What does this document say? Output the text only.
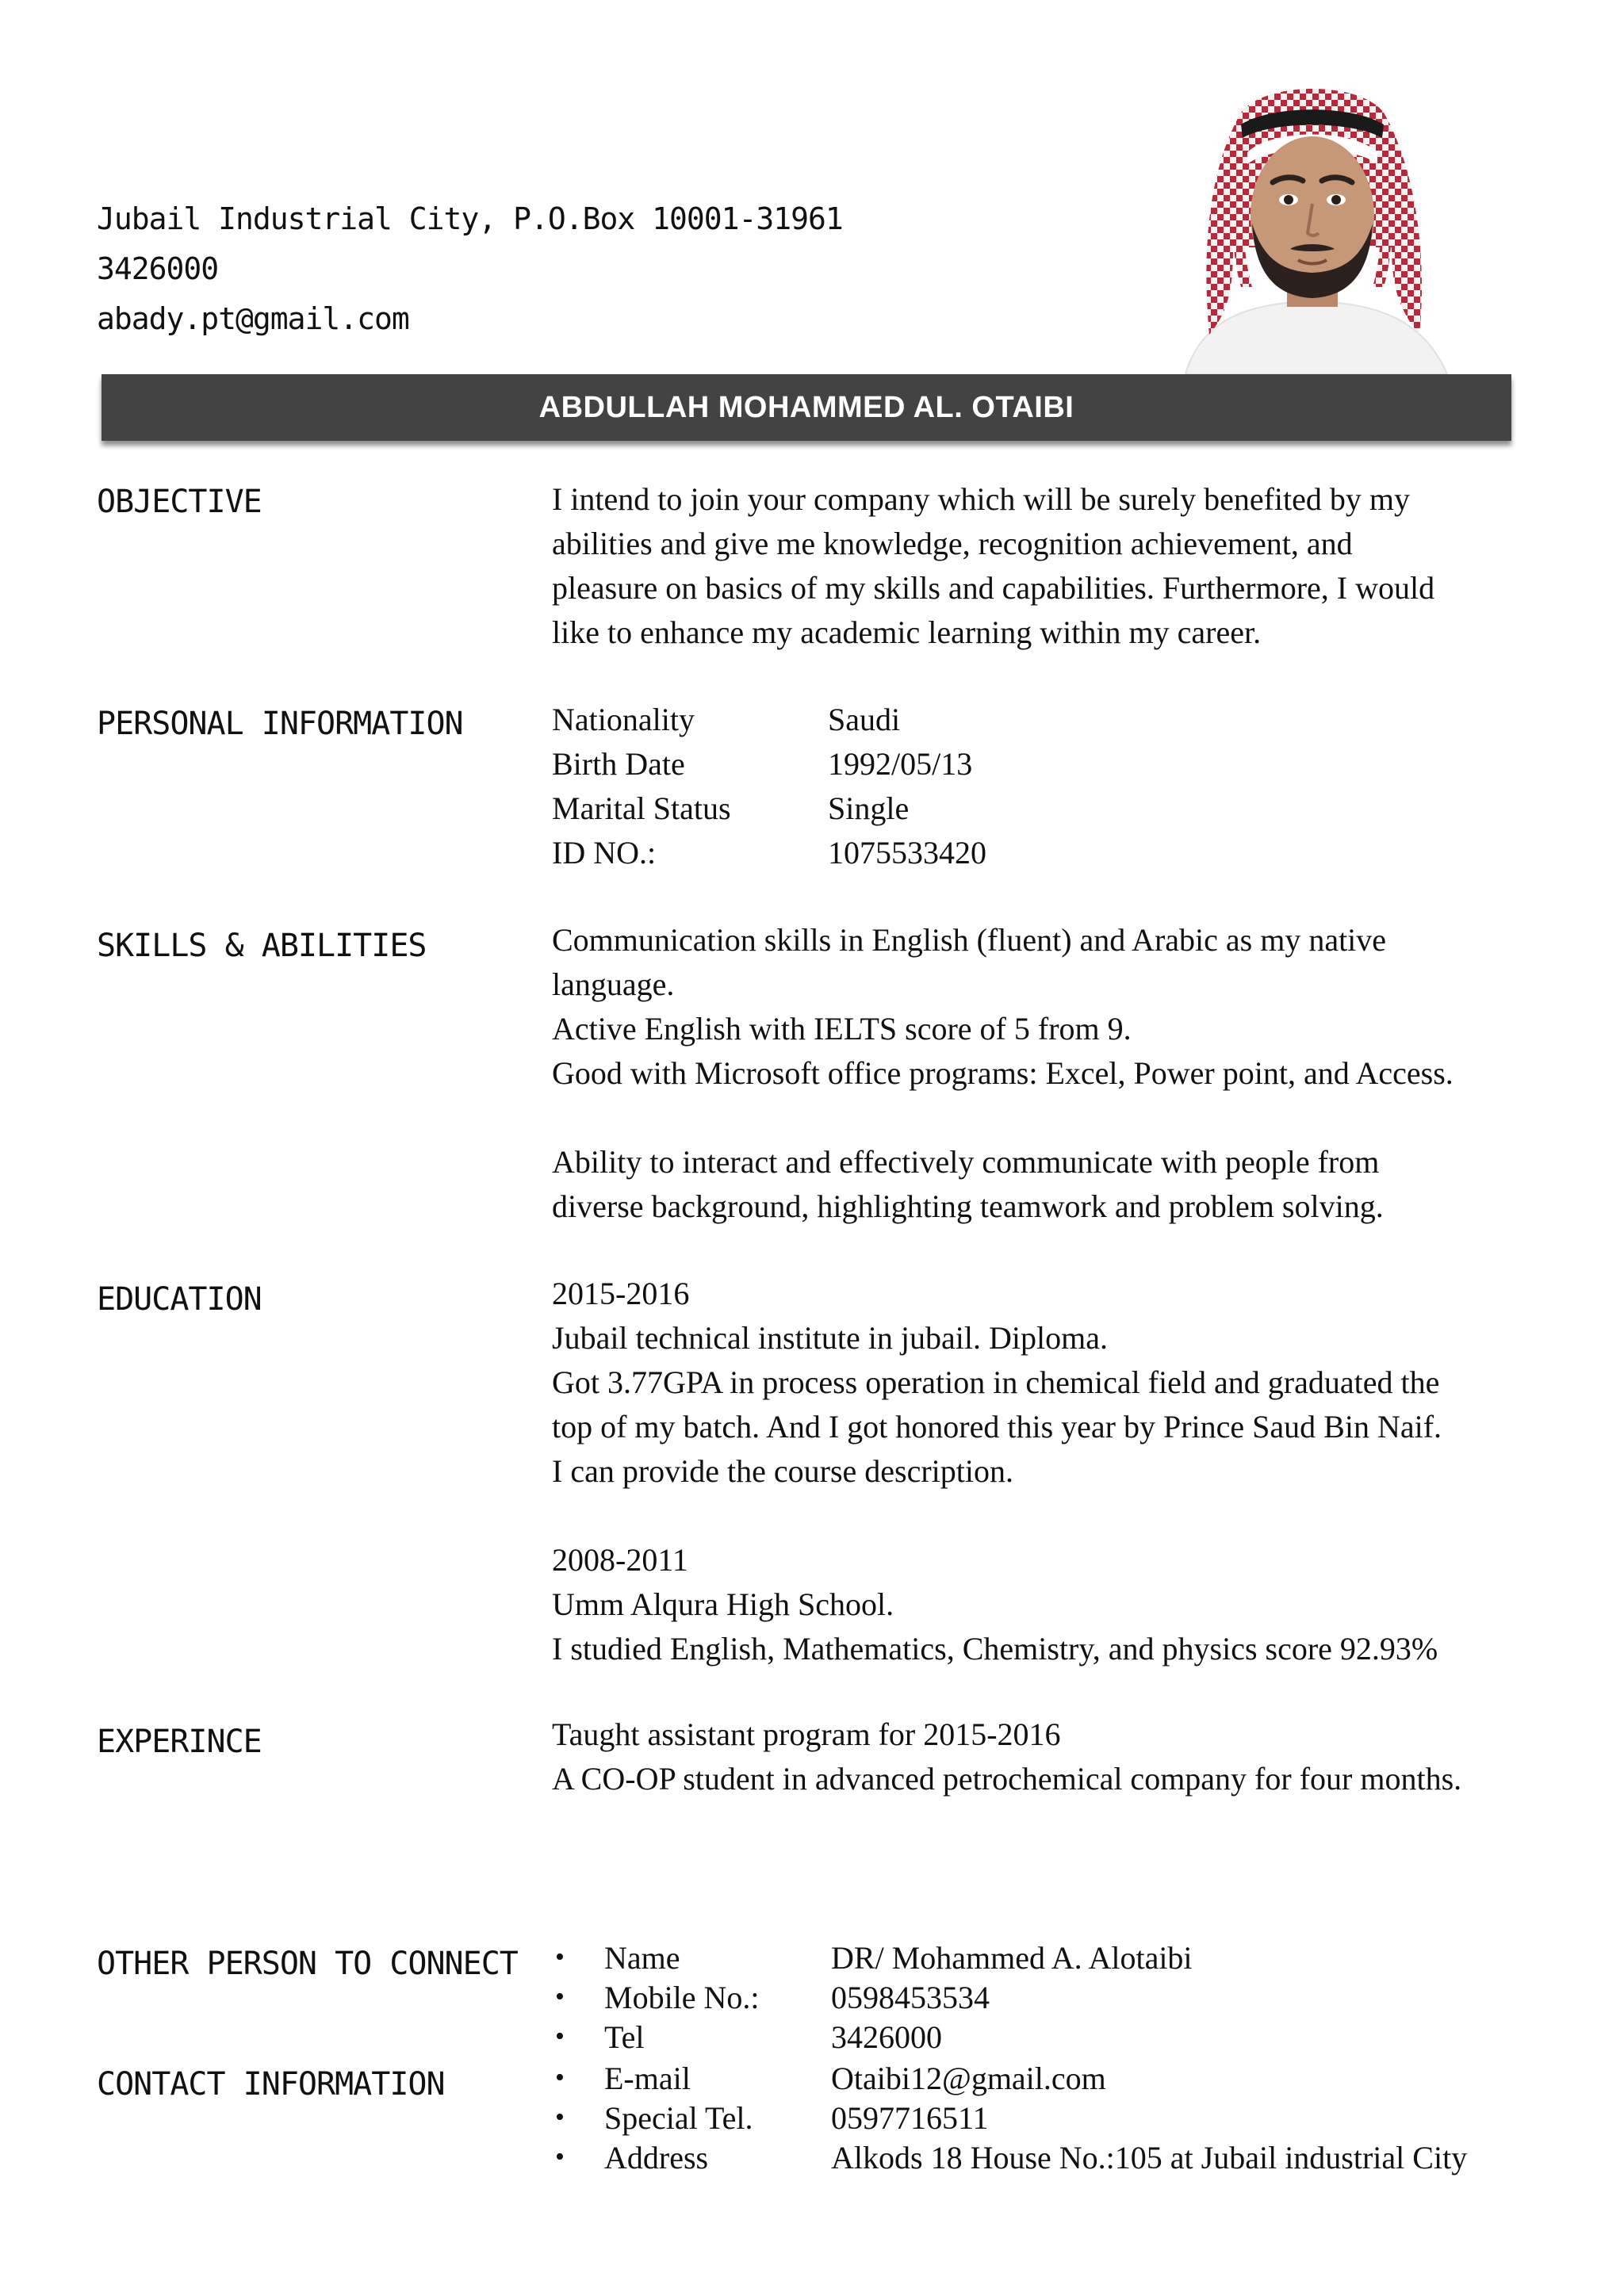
Jubail Industrial City, P.O.Box 10001-31961
3426000
abady.pt@gmail.com
ABDULLAH MOHAMMED AL. OTAIBI
OBJECTIVE	I intend to join your company which will be surely benefited by my

abilities and give me knowledge, recognition achievement, and

pleasure on basics of my skills and capabilities. Furthermore, I would

like to enhance my academic learning within my career.

PERSONAL INFORMATION	Nationality	Saudi
Birth Date	1992/05/13
Marital Status	Single
ID NO.:	1075533420
SKILLS & ABILITIES	Communication skills in English (fluent) and Arabic as my native

language.

Active English with IELTS score of 5 from 9.

Good with Microsoft office programs: Excel, Power point, and Access.

Ability to interact and effectively communicate with people from

diverse background, highlighting teamwork and problem solving.

EDUCATION	2015-2016

Jubail technical institute in jubail. Diploma.

Got 3.77GPA in process operation in chemical field and graduated the

top of my batch. And I got honored this year by Prince Saud Bin Naif.

I can provide the course description.

2008-2011

Umm Alqura High School.

I studied English, Mathematics, Chemistry, and physics score 92.93%

EXPERINCE	Taught assistant program for 2015-2016

A CO-OP student in advanced petrochemical company for four months.

OTHER PERSON TO CONNECT •	Name	DR/ Mohammed A. Alotaibi
•	Mobile No.:	0598453534
•	Tel	3426000
CONTACT INFORMATION	•	E-mail	Otaibi12@gmail.com
•	Special Tel.	0597716511
•	Address	Alkods 18 House No.:105 at Jubail industrial City
